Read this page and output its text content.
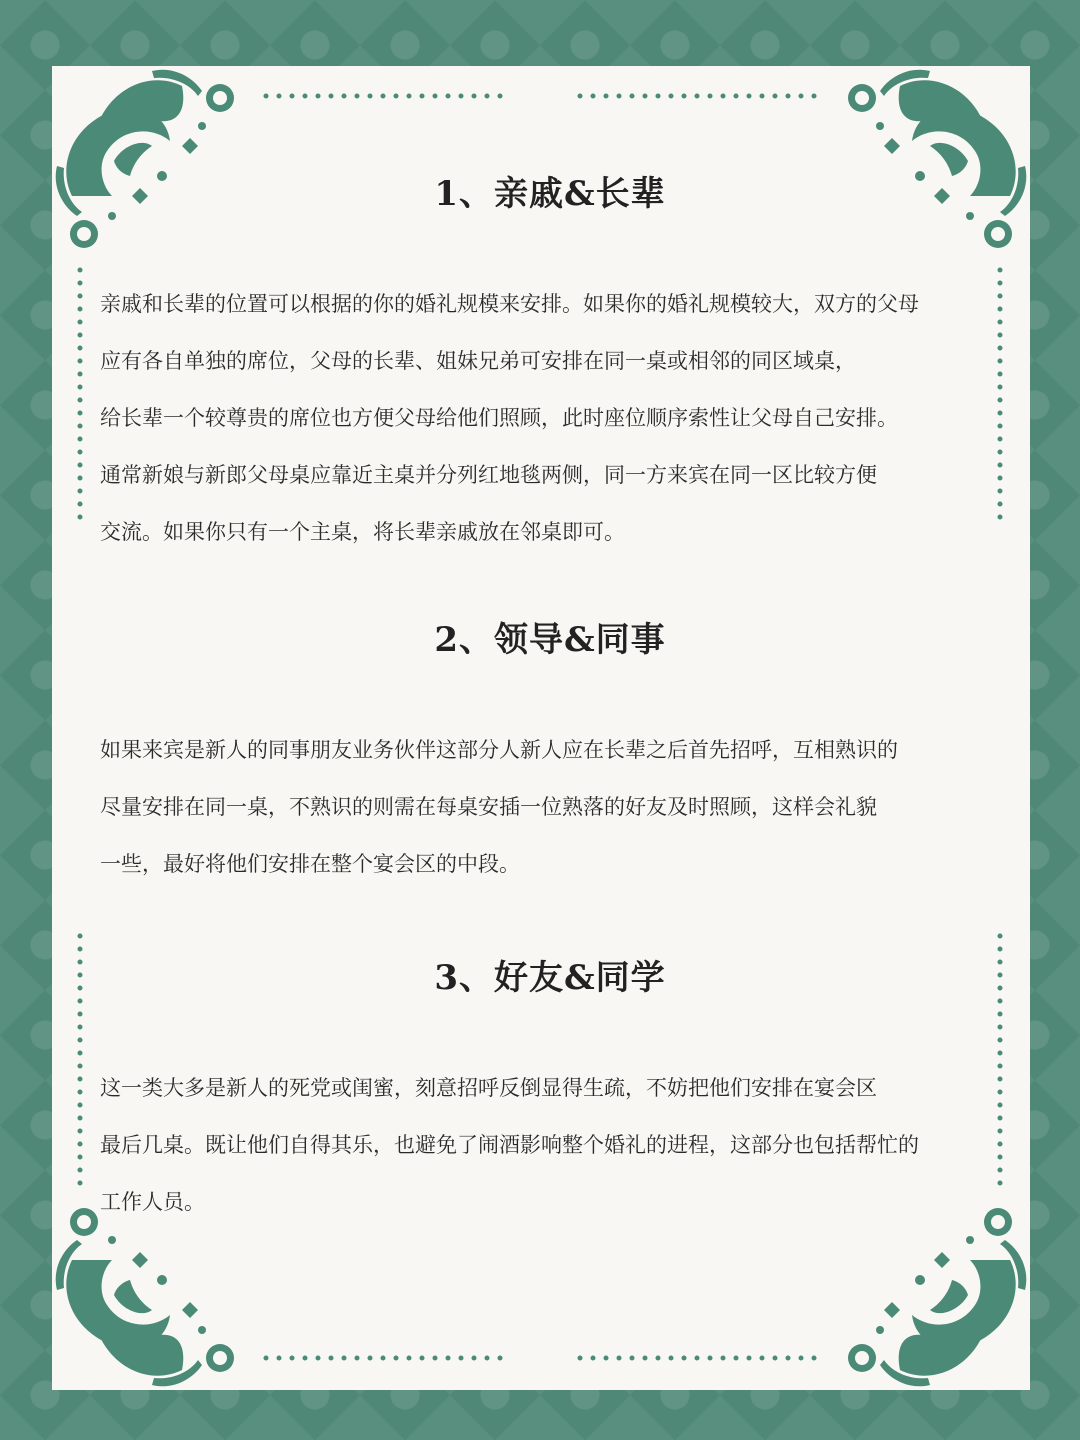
1、亲戚&长辈

亲戚和长辈的位置可以根据的你的婚礼规模来安排。如果你的婚礼规模较大，双方的父母
应有各自单独的席位，父母的长辈、姐妹兄弟可安排在同一桌或相邻的同区域桌，
给长辈一个较尊贵的席位也方便父母给他们照顾，此时座位顺序索性让父母自己安排。
通常新娘与新郎父母桌应靠近主桌并分列红地毯两侧，同一方来宾在同一区比较方便
交流。如果你只有一个主桌，将长辈亲戚放在邻桌即可。

2、领导&同事

如果来宾是新人的同事朋友业务伙伴这部分人新人应在长辈之后首先招呼，互相熟识的
尽量安排在同一桌，不熟识的则需在每桌安插一位熟落的好友及时照顾，这样会礼貌
一些，最好将他们安排在整个宴会区的中段。

3、好友&同学

这一类大多是新人的死党或闺蜜，刻意招呼反倒显得生疏，不妨把他们安排在宴会区
最后几桌。既让他们自得其乐，也避免了闹酒影响整个婚礼的进程，这部分也包括帮忙的
工作人员。
